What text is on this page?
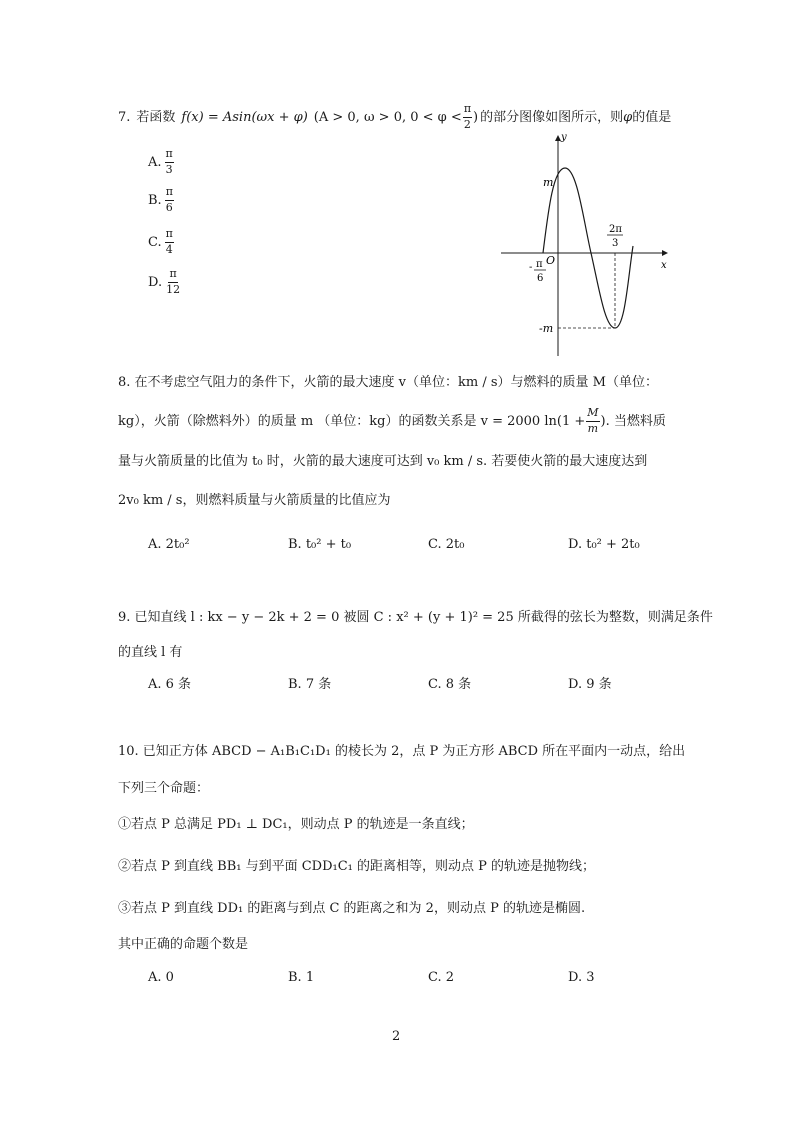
7. 若函数 f(x) = Asin(ωx + φ) (A > 0, ω > 0, $0 < \varphi < \frac{\pi}{2}$ ) 的部分图像如图所示，则 φ 的值是
A. $\frac{\pi}{3}$
B. $\frac{\pi}{6}$
C. $\frac{\pi}{4}$
D. $\frac{\pi}{12}$
y
x
O
m
-m
- π
6
2π
3
8. 在不考虑空气阻力的条件下，火箭的最大速度 v（单位：km / s）与燃料的质量 M（单位：
kg），火箭（除燃料外）的质量 m （单位：kg）的函数关系是 v = 2000 $\ln(1 + \frac{M}{m}$ ). 当燃料质
量与火箭质量的比值为 t₀ 时，火箭的最大速度可达到 v₀ km / s. 若要使火箭的最大速度达到
2v₀ km / s，则燃料质量与火箭质量的比值应为
A. 2t₀²	B. t₀² + t₀	C. 2t₀	D. t₀² + 2t₀
9. 已知直线 l : kx − y − 2k + 2 = 0 被圆 C : x² + (y + 1)² = 25 所截得的弦长为整数，则满足条件
的直线 l 有
A. 6 条	B. 7 条	C. 8 条	D. 9 条
10. 已知正方体 ABCD − A₁B₁C₁D₁ 的棱长为 2，点 P 为正方形 ABCD 所在平面内一动点，给出
下列三个命题：
①若点 P 总满足 PD₁ ⊥ DC₁，则动点 P 的轨迹是一条直线；
②若点 P 到直线 BB₁ 与到平面 CDD₁C₁ 的距离相等，则动点 P 的轨迹是抛物线；
③若点 P 到直线 DD₁ 的距离与到点 C 的距离之和为 2，则动点 P 的轨迹是椭圆.
其中正确的命题个数是
A. 0	B. 1	C. 2	D. 3
2
